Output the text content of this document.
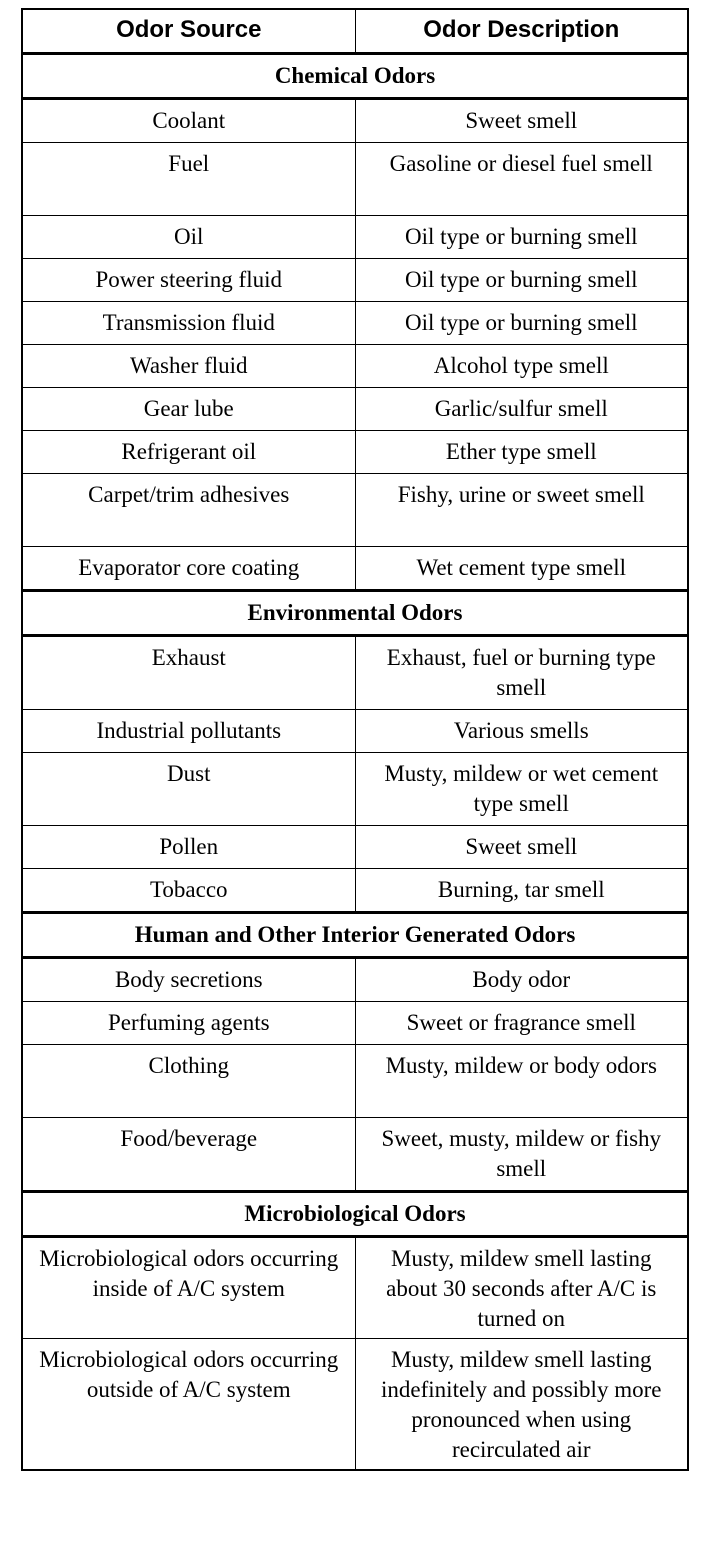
Odor Source	Odor Description
Chemical Odors	
Coolant	Sweet smell
Fuel	Gasoline or diesel fuel smell
Oil	Oil type or burning smell
Power steering fluid	Oil type or burning smell
Transmission fluid	Oil type or burning smell
Washer fluid	Alcohol type smell
Gear lube	Garlic/sulfur smell
Refrigerant oil	Ether type smell
Carpet/trim adhesives	Fishy, urine or sweet smell
Evaporator core coating	Wet cement type smell
Environmental Odors	
Exhaust	Exhaust, fuel or burning type smell
Industrial pollutants	Various smells
Dust	Musty, mildew or wet cement type smell
Pollen	Sweet smell
Tobacco	Burning, tar smell
Human and Other Interior Generated Odors	
Body secretions	Body odor
Perfuming agents	Sweet or fragrance smell
Clothing	Musty, mildew or body odors
Food/beverage	Sweet, musty, mildew or fishy smell
Microbiological Odors	
Microbiological odors occurring inside of A/C system	Musty, mildew smell lasting about 30 seconds after A/C is turned on
Microbiological odors occurring outside of A/C system	Musty, mildew smell lasting indefinitely and possibly more pronounced when using recirculated air
